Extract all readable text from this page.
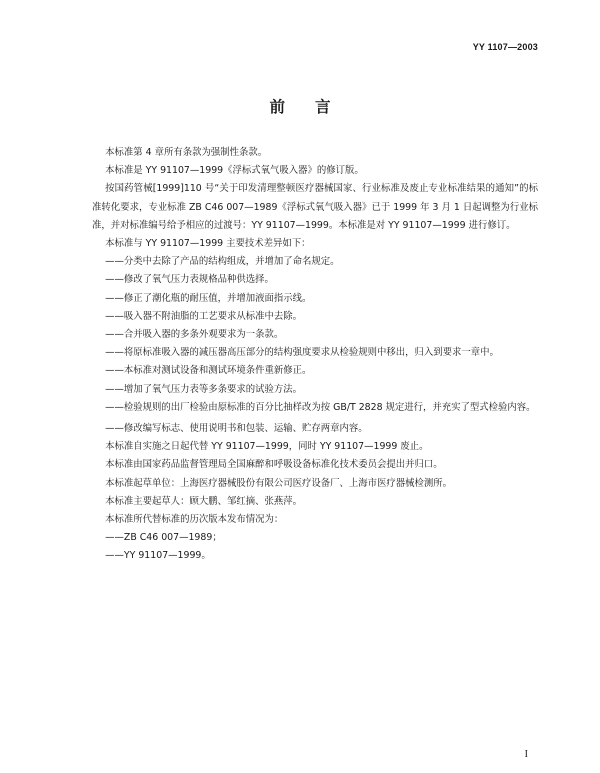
YY 1107—2003
前言

本标准第 4 章所有条款为强制性条款。

本标准是 YY 91107—1999《浮标式氧气吸入器》的修订版。

按国药管械[1999]110 号“关于印发清理整顿医疗器械国家、行业标准及废止专业标准结果的通知”的标准转化要求，专业标准 ZB C46 007—1989《浮标式氧气吸入器》已于 1999 年 3 月 1 日起调整为行业标准，并对标准编号给予相应的过渡号：YY 91107—1999。本标准是对 YY 91107—1999 进行修订。

本标准与 YY 91107—1999 主要技术差异如下：

——分类中去除了产品的结构组成，并增加了命名规定。

——修改了氧气压力表规格品种供选择。

——修正了潮化瓶的耐压值，并增加液面指示线。

——吸入器不附油脂的工艺要求从标准中去除。

——合并吸入器的多条外观要求为一条款。

——将原标准吸入器的减压器高压部分的结构强度要求从检验规则中移出，归入到要求一章中。

——本标准对测试设备和测试环境条件重新修正。

——增加了氧气压力表等多条要求的试验方法。

——检验规则的出厂检验由原标准的百分比抽样改为按 GB/T 2828 规定进行，并充实了型式检验内容。

——修改编写标志、使用说明书和包装、运输、贮存两章内容。

本标准自实施之日起代替 YY 91107—1999，同时 YY 91107—1999 废止。

本标准由国家药品监督管理局全国麻醉和呼吸设备标准化技术委员会提出并归口。

本标准起草单位：上海医疗器械股份有限公司医疗设备厂、上海市医疗器械检测所。

本标准主要起草人：顾大鹏、邹红摘、张燕萍。

本标准所代替标准的历次版本发布情况为：

——ZB C46 007—1989；

——YY 91107—1999。

I
